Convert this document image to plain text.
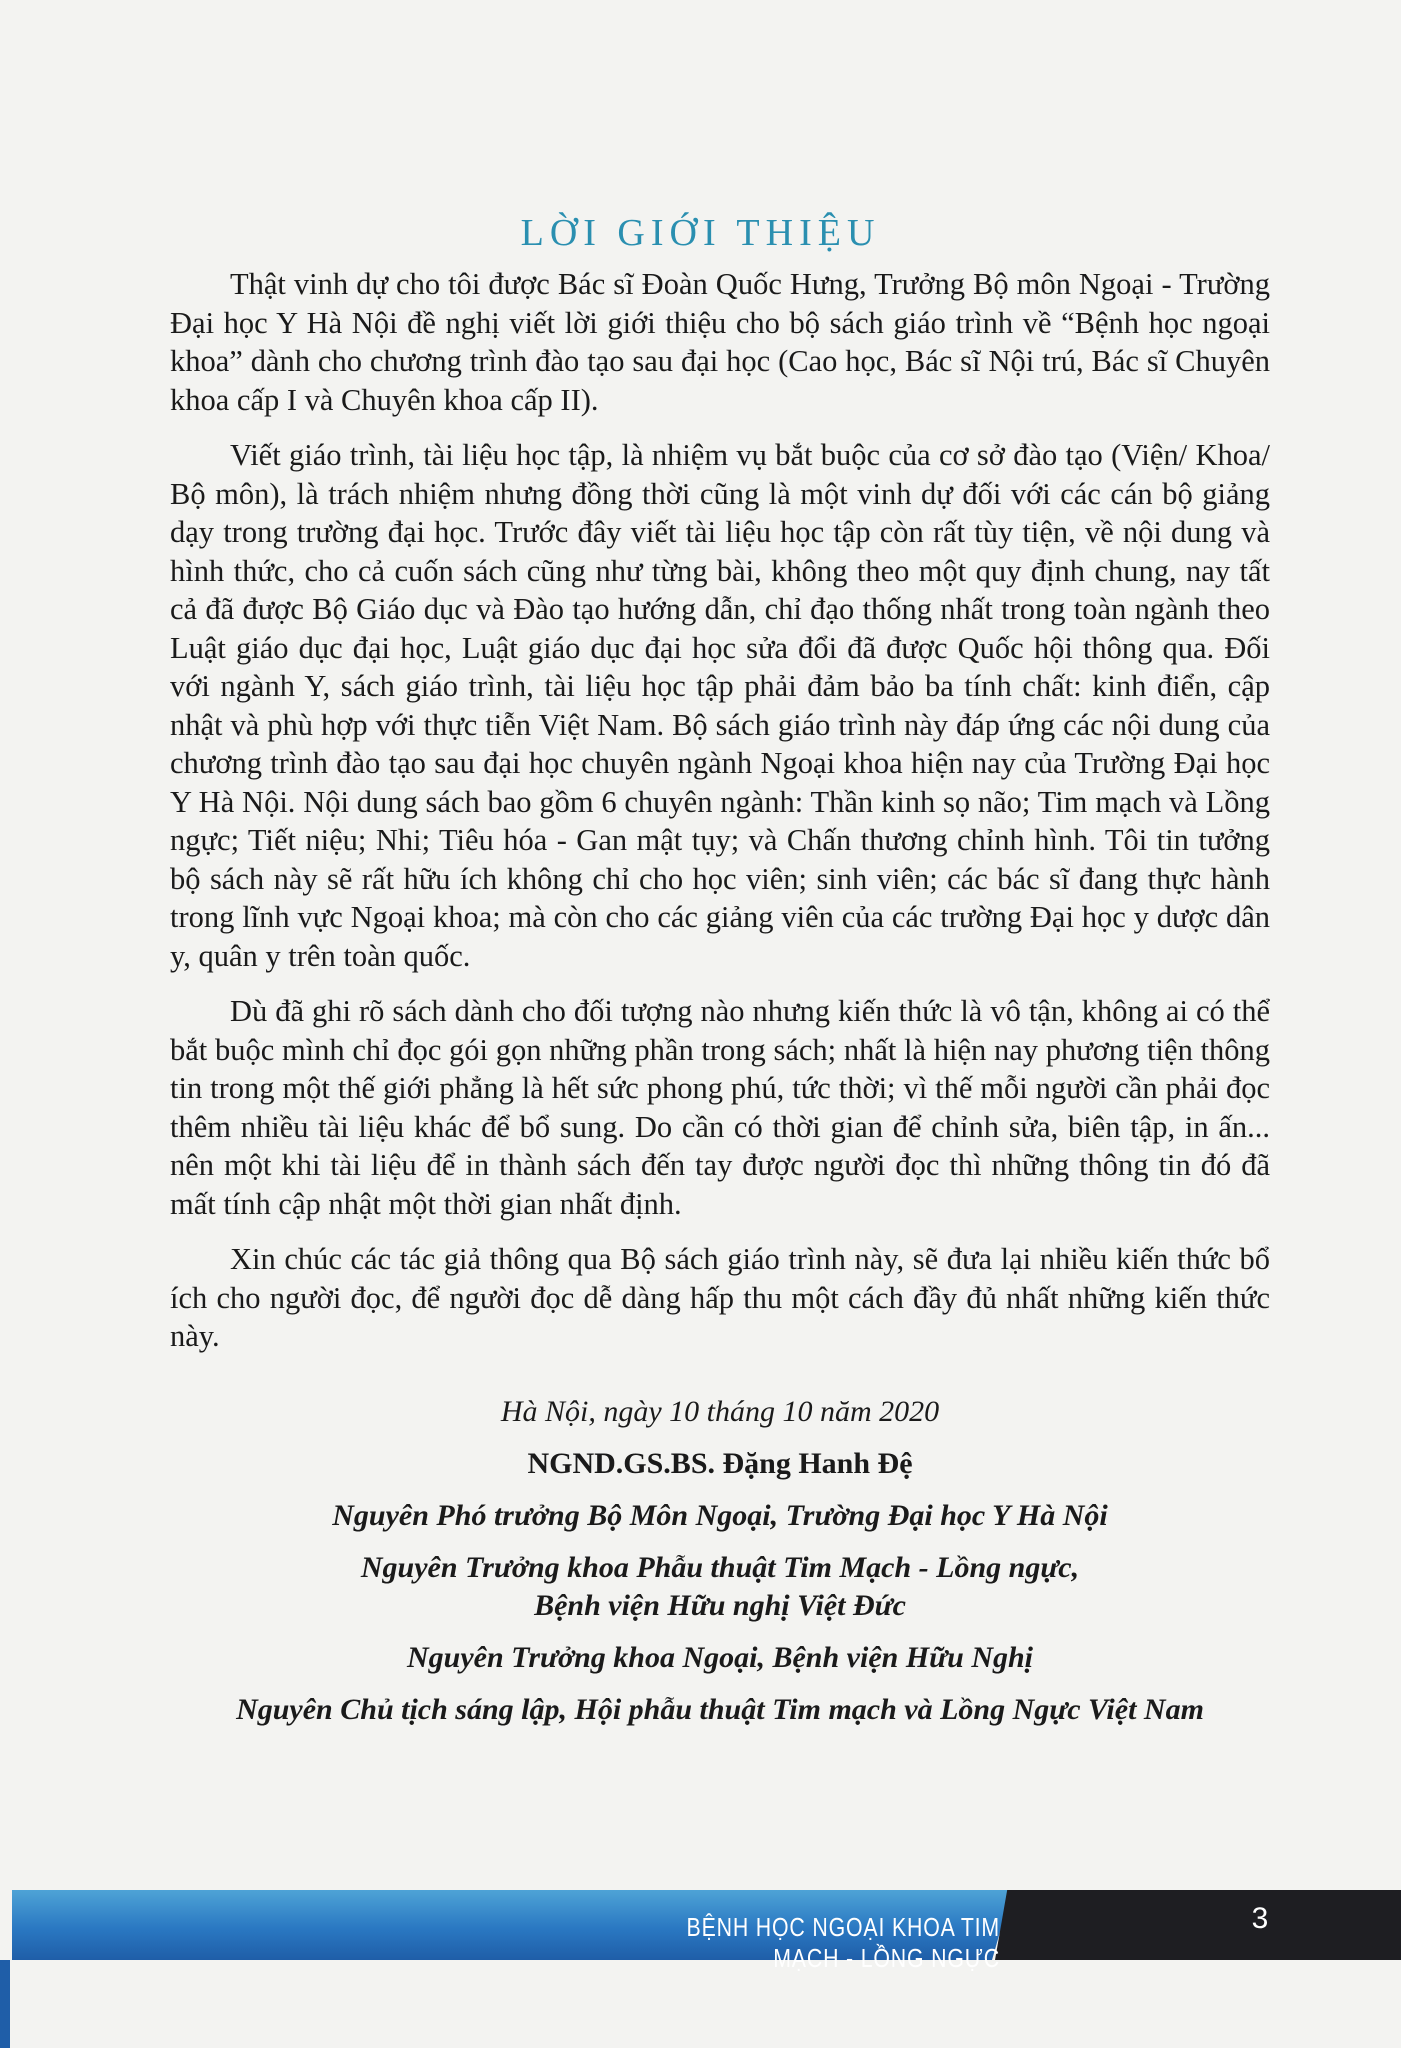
LỜI GIỚI THIỆU

Thật vinh dự cho tôi được Bác sĩ Đoàn Quốc Hưng, Trưởng Bộ môn Ngoại - Trường Đại học Y Hà Nội đề nghị viết lời giới thiệu cho bộ sách giáo trình về “Bệnh học ngoại khoa” dành cho chương trình đào tạo sau đại học (Cao học, Bác sĩ Nội trú, Bác sĩ Chuyên khoa cấp I và Chuyên khoa cấp II).

Viết giáo trình, tài liệu học tập, là nhiệm vụ bắt buộc của cơ sở đào tạo (Viện/ Khoa/ Bộ môn), là trách nhiệm nhưng đồng thời cũng là một vinh dự đối với các cán bộ giảng dạy trong trường đại học. Trước đây viết tài liệu học tập còn rất tùy tiện, về nội dung và hình thức, cho cả cuốn sách cũng như từng bài, không theo một quy định chung, nay tất cả đã được Bộ Giáo dục và Đào tạo hướng dẫn, chỉ đạo thống nhất trong toàn ngành theo Luật giáo dục đại học, Luật giáo dục đại học sửa đổi đã được Quốc hội thông qua. Đối với ngành Y, sách giáo trình, tài liệu học tập phải đảm bảo ba tính chất: kinh điển, cập nhật và phù hợp với thực tiễn Việt Nam. Bộ sách giáo trình này đáp ứng các nội dung của chương trình đào tạo sau đại học chuyên ngành Ngoại khoa hiện nay của Trường Đại học Y Hà Nội. Nội dung sách bao gồm 6 chuyên ngành: Thần kinh sọ não; Tim mạch và Lồng ngực; Tiết niệu; Nhi; Tiêu hóa - Gan mật tụy; và Chấn thương chỉnh hình. Tôi tin tưởng bộ sách này sẽ rất hữu ích không chỉ cho học viên; sinh viên; các bác sĩ đang thực hành trong lĩnh vực Ngoại khoa; mà còn cho các giảng viên của các trường Đại học y dược dân y, quân y trên toàn quốc.

Dù đã ghi rõ sách dành cho đối tượng nào nhưng kiến thức là vô tận, không ai có thể bắt buộc mình chỉ đọc gói gọn những phần trong sách; nhất là hiện nay phương tiện thông tin trong một thế giới phẳng là hết sức phong phú, tức thời; vì thế mỗi người cần phải đọc thêm nhiều tài liệu khác để bổ sung. Do cần có thời gian để chỉnh sửa, biên tập, in ấn... nên một khi tài liệu để in thành sách đến tay được người đọc thì những thông tin đó đã mất tính cập nhật một thời gian nhất định.

Xin chúc các tác giả thông qua Bộ sách giáo trình này, sẽ đưa lại nhiều kiến thức bổ ích cho người đọc, để người đọc dễ dàng hấp thu một cách đầy đủ nhất những kiến thức này.

Hà Nội, ngày 10 tháng 10 năm 2020
NGND.GS.BS. Đặng Hanh Đệ
Nguyên Phó trưởng Bộ Môn Ngoại, Trường Đại học Y Hà Nội
Nguyên Trưởng khoa Phẫu thuật Tim Mạch - Lồng ngực,
Bệnh viện Hữu nghị Việt Đức
Nguyên Trưởng khoa Ngoại, Bệnh viện Hữu Nghị
Nguyên Chủ tịch sáng lập, Hội phẫu thuật Tim mạch và Lồng Ngực Việt Nam
BỆNH HỌC NGOẠI KHOA TIM MẠCH - LỒNG NGỰC
3
